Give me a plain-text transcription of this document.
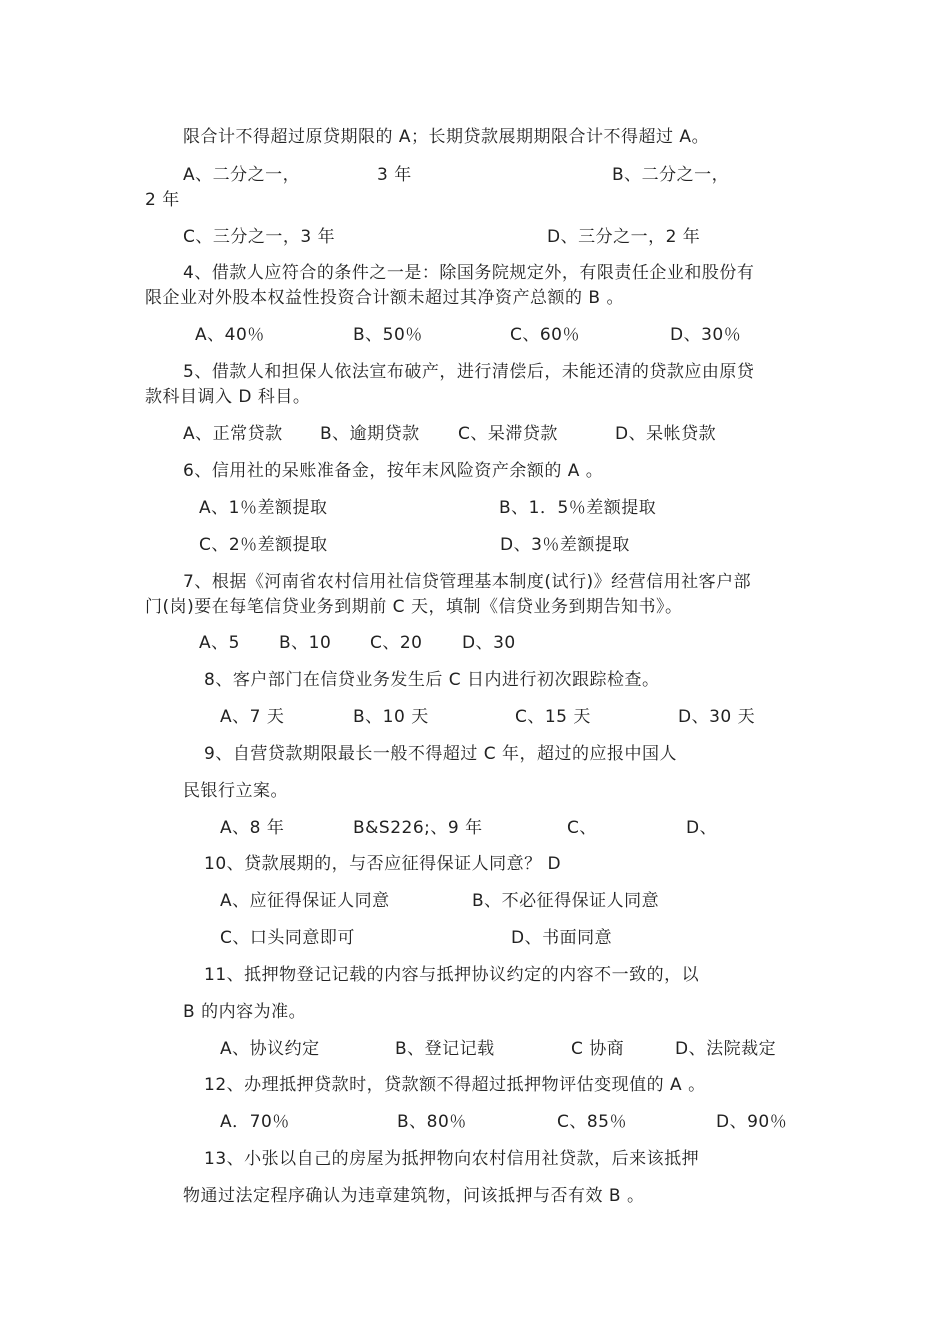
限合计不得超过原贷期限的 A；长期贷款展期期限合计不得超过 A。
A、二分之一，	3 年	B、二分之一，
2 年
C、三分之一，3 年	D、三分之一，2 年
4、借款人应符合的条件之一是：除国务院规定外，有限责任企业和股份有
限企业对外股本权益性投资合计额未超过其净资产总额的 B 。
A、40％	B、50％	C、60％	D、30％
5、借款人和担保人依法宣布破产，进行清偿后，未能还清的贷款应由原贷
款科目调入 D 科目。
A、正常贷款 B、逾期贷款 C、呆滞贷款	D、呆帐贷款
6、信用社的呆账准备金，按年末风险资产余额的 A 。
A、1％差额提取	B、1．5％差额提取
C、2％差额提取	D、3％差额提取
7、根据《河南省农村信用社信贷管理基本制度(试行)》经营信用社客户部
门(岗)要在每笔信贷业务到期前 C 天，填制《信贷业务到期告知书》。
A、5 B、10 C、20 D、30
8、客户部门在信贷业务发生后 C 日内进行初次跟踪检查。
A、7 天	B、10 天	C、15 天	D、30 天
9、自营贷款期限最长一般不得超过 C 年，超过的应报中国人
民银行立案。
A、8 年	B&S226;、9 年	C、	D、
10、贷款展期的，与否应征得保证人同意？ D
A、应征得保证人同意	B、不必征得保证人同意
C、口头同意即可	D、书面同意
11、抵押物登记记载的内容与抵押协议约定的内容不一致的，以
B 的内容为准。
A、协议约定	B、登记记载	C 协商	D、法院裁定
12、办理抵押贷款时，贷款额不得超过抵押物评估变现值的 A 。
A．70％	B、80％	C、85％	D、90％
13、小张以自己的房屋为抵押物向农村信用社贷款，后来该抵押
物通过法定程序确认为违章建筑物，问该抵押与否有效 B 。
